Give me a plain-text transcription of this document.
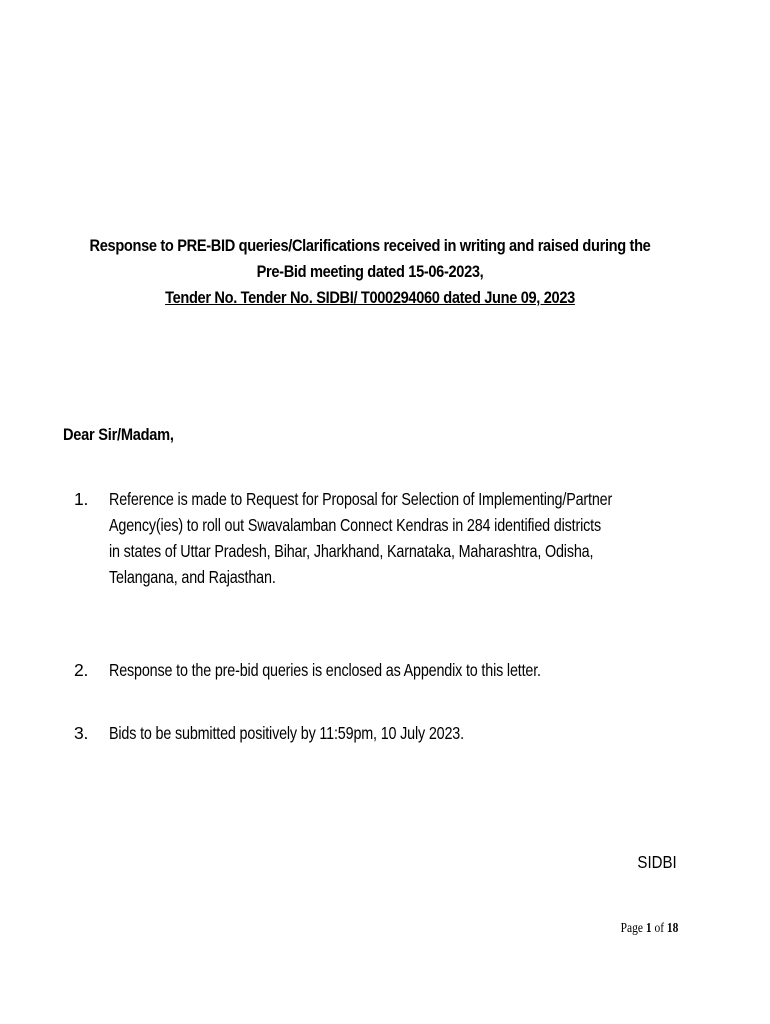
Response to PRE-BID queries/Clarifications received in writing and raised during the
Pre-Bid meeting dated 15-06-2023,
Tender No. Tender No. SIDBI/ T000294060 dated June 09, 2023
Dear Sir/Madam,
1. Reference is made to Request for Proposal for Selection of Implementing/Partner
Agency(ies) to roll out Swavalamban Connect Kendras in 284 identified districts
in states of Uttar Pradesh, Bihar, Jharkhand, Karnataka, Maharashtra, Odisha,
Telangana, and Rajasthan.
2. Response to the pre-bid queries is enclosed as Appendix to this letter.
3. Bids to be submitted positively by 11:59pm, 10 July 2023.
SIDBI
Page 1 of 18
